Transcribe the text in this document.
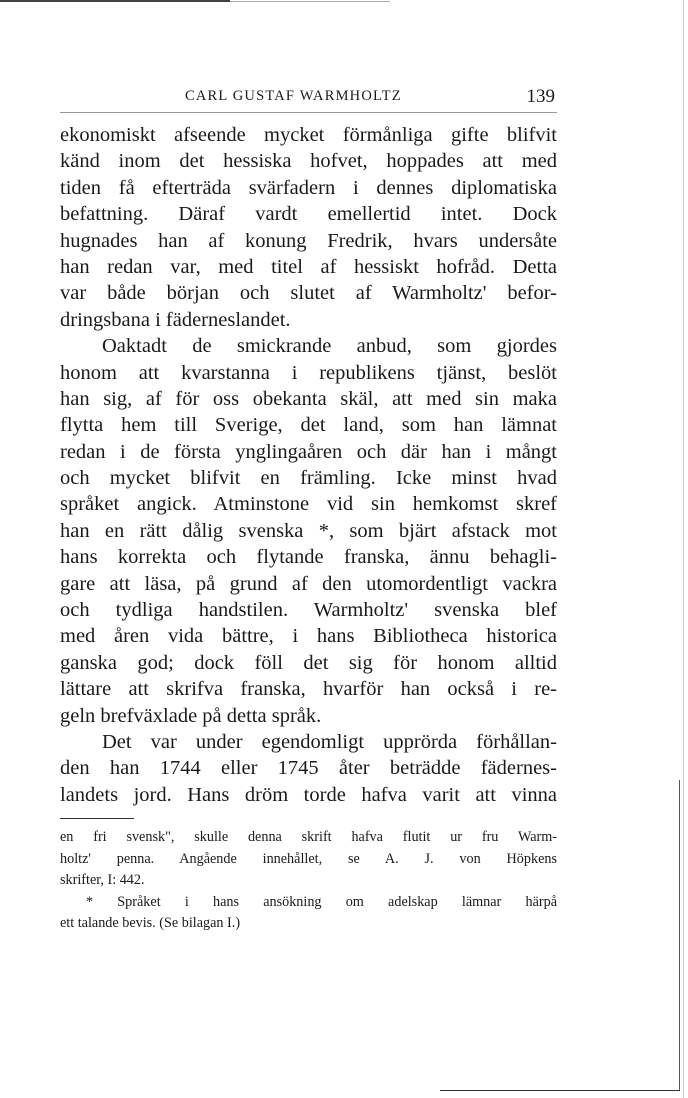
CARL GUSTAF WARMHOLTZ	139
ekonomiskt afseende mycket förmånliga gifte blifvit
känd inom det hessiska hofvet, hoppades att med
tiden få efterträda svärfadern i dennes diplomatiska
befattning. Däraf vardt emellertid intet. Dock
hugnades han af konung Fredrik, hvars undersåte
han redan var, med titel af hessiskt hofråd. Detta
var både början och slutet af Warmholtz' befor-
dringsbana i fäderneslandet.
Oaktadt de smickrande anbud, som gjordes
honom att kvarstanna i republikens tjänst, beslöt
han sig, af för oss obekanta skäl, att med sin maka
flytta hem till Sverige, det land, som han lämnat
redan i de första ynglingaåren och där han i mångt
och mycket blifvit en främling. Icke minst hvad
språket angick. Atminstone vid sin hemkomst skref
han en rätt dålig svenska *, som bjärt afstack mot
hans korrekta och flytande franska, ännu behagli-
gare att läsa, på grund af den utomordentligt vackra
och tydliga handstilen. Warmholtz' svenska blef
med åren vida bättre, i hans Bibliotheca historica
ganska god; dock föll det sig för honom alltid
lättare att skrifva franska, hvarför han också i re-
geln brefväxlade på detta språk.
Det var under egendomligt upprörda förhållan-
den han 1744 eller 1745 åter beträdde fädernes-
landets jord. Hans dröm torde hafva varit att vinna
en fri svensk", skulle denna skrift hafva flutit ur fru Warm-
holtz' penna. Angående innehållet, se A. J. von Höpkens
skrifter, I: 442.
* Språket i hans ansökning om adelskap lämnar härpå
ett talande bevis. (Se bilagan I.)
